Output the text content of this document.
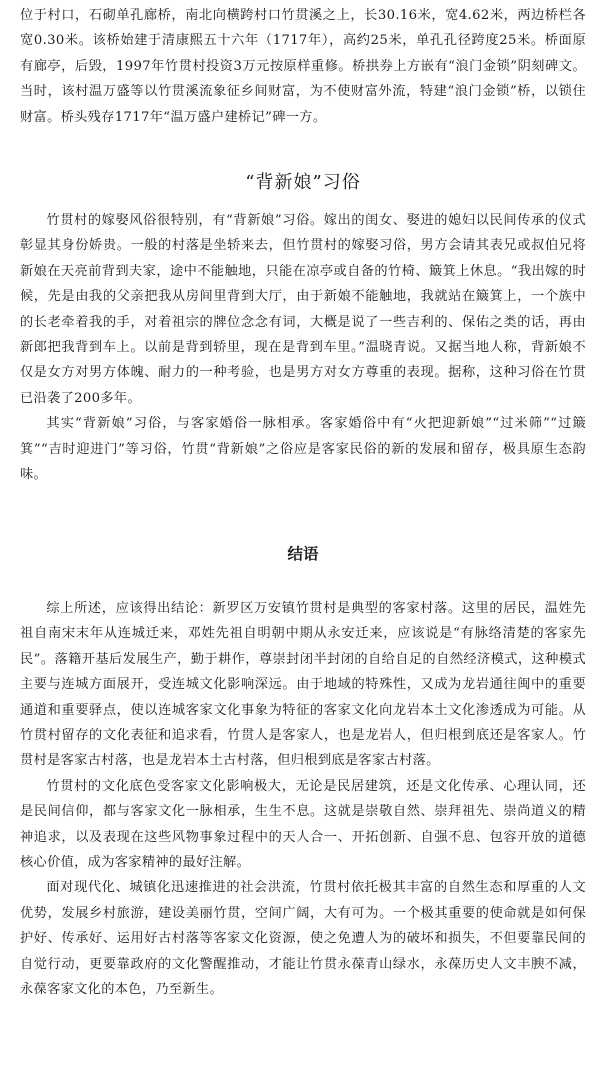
位于村口，石砌单孔廊桥，南北向横跨村口竹贯溪之上，长30.16米，宽4.62米，两边桥栏各宽0.30米。该桥始建于清康熙五十六年（1717年），高约25米，单孔孔径跨度25米。桥面原有廊亭，后毁，1997年竹贯村投资3万元按原样重修。桥拱券上方嵌有“浪门金锁”阴刻碑文。当时，该村温万盛等以竹贯溪流象征乡间财富，为不使财富外流，特建“浪门金锁”桥，以锁住财富。桥头残存1717年“温万盛户建桥记”碑一方。

“背新娘”习俗

竹贯村的嫁娶风俗很特别，有“背新娘”习俗。嫁出的闺女、娶进的媳妇以民间传承的仪式彰显其身份娇贵。一般的村落是坐轿来去，但竹贯村的嫁娶习俗，男方会请其表兄或叔伯兄将新娘在天亮前背到夫家，途中不能触地，只能在凉亭或自备的竹椅、簸箕上休息。“我出嫁的时候，先是由我的父亲把我从房间里背到大厅，由于新娘不能触地，我就站在簸箕上，一个族中的长老牵着我的手，对着祖宗的牌位念念有词，大概是说了一些吉利的、保佑之类的话，再由新郎把我背到车上。以前是背到轿里，现在是背到车里。”温晓青说。又据当地人称，背新娘不仅是女方对男方体魄、耐力的一种考验，也是男方对女方尊重的表现。据称，这种习俗在竹贯已沿袭了200多年。

其实“背新娘”习俗，与客家婚俗一脉相承。客家婚俗中有“火把迎新娘”“过米筛”“过簸箕”“吉时迎进门”等习俗，竹贯“背新娘”之俗应是客家民俗的新的发展和留存，极具原生态韵味。

结语

综上所述，应该得出结论：新罗区万安镇竹贯村是典型的客家村落。这里的居民，温姓先祖自南宋末年从连城迁来，邓姓先祖自明朝中期从永安迁来，应该说是“有脉络清楚的客家先民”。落籍开基后发展生产，勤于耕作，尊崇封闭半封闭的自给自足的自然经济模式，这种模式主要与连城方面展开，受连城文化影响深远。由于地域的特殊性，又成为龙岩通往闽中的重要通道和重要驿点，使以连城客家文化事象为特征的客家文化向龙岩本土文化渗透成为可能。从竹贯村留存的文化表征和追求看，竹贯人是客家人，也是龙岩人，但归根到底还是客家人。竹贯村是客家古村落，也是龙岩本土古村落，但归根到底是客家古村落。

竹贯村的文化底色受客家文化影响极大，无论是民居建筑，还是文化传承、心理认同，还是民间信仰，都与客家文化一脉相承，生生不息。这就是崇敬自然、崇拜祖先、崇尚道义的精神追求，以及表现在这些风物事象过程中的天人合一、开拓创新、自强不息、包容开放的道德核心价值，成为客家精神的最好注解。

面对现代化、城镇化迅速推进的社会洪流，竹贯村依托极其丰富的自然生态和厚重的人文优势，发展乡村旅游，建设美丽竹贯，空间广阔，大有可为。一个极其重要的使命就是如何保护好、传承好、运用好古村落等客家文化资源，使之免遭人为的破坏和损失，不但要靠民间的自觉行动，更要靠政府的文化警醒推动，才能让竹贯永葆青山绿水，永葆历史人文丰腴不减，永葆客家文化的本色，乃至新生。
